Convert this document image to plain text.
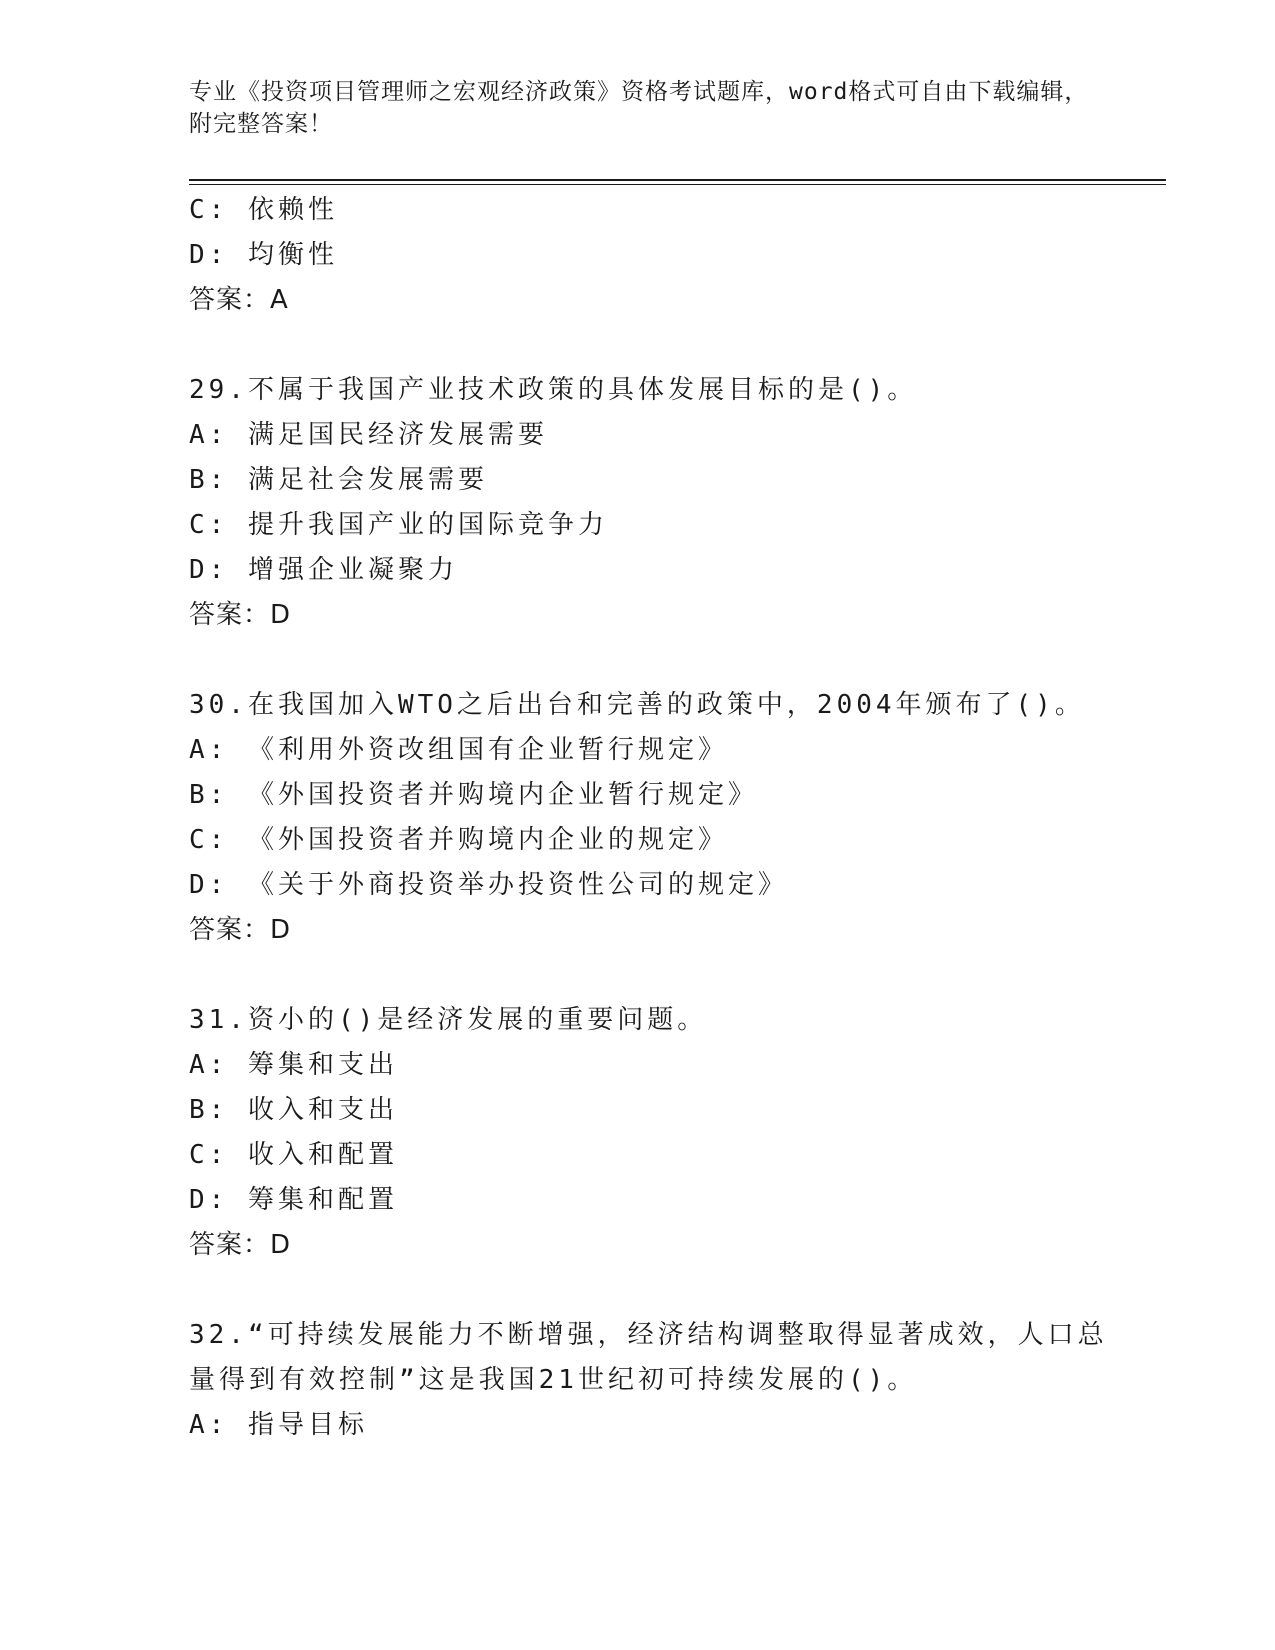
专业《投资项目管理师之宏观经济政策》资格考试题库，word格式可自由下载编辑，附完整答案！
C: 依赖性
D: 均衡性
答案：A
29.不属于我国产业技术政策的具体发展目标的是()。
A: 满足国民经济发展需要
B: 满足社会发展需要
C: 提升我国产业的国际竞争力
D: 增强企业凝聚力
答案：D
30.在我国加入WTO之后出台和完善的政策中，2004年颁布了()。
A: 《利用外资改组国有企业暂行规定》
B: 《外国投资者并购境内企业暂行规定》
C: 《外国投资者并购境内企业的规定》
D: 《关于外商投资举办投资性公司的规定》
答案：D
31.资小的()是经济发展的重要问题。
A: 筹集和支出
B: 收入和支出
C: 收入和配置
D: 筹集和配置
答案：D
32.“可持续发展能力不断增强，经济结构调整取得显著成效，人口总
量得到有效控制”这是我国21世纪初可持续发展的()。
A: 指导目标
